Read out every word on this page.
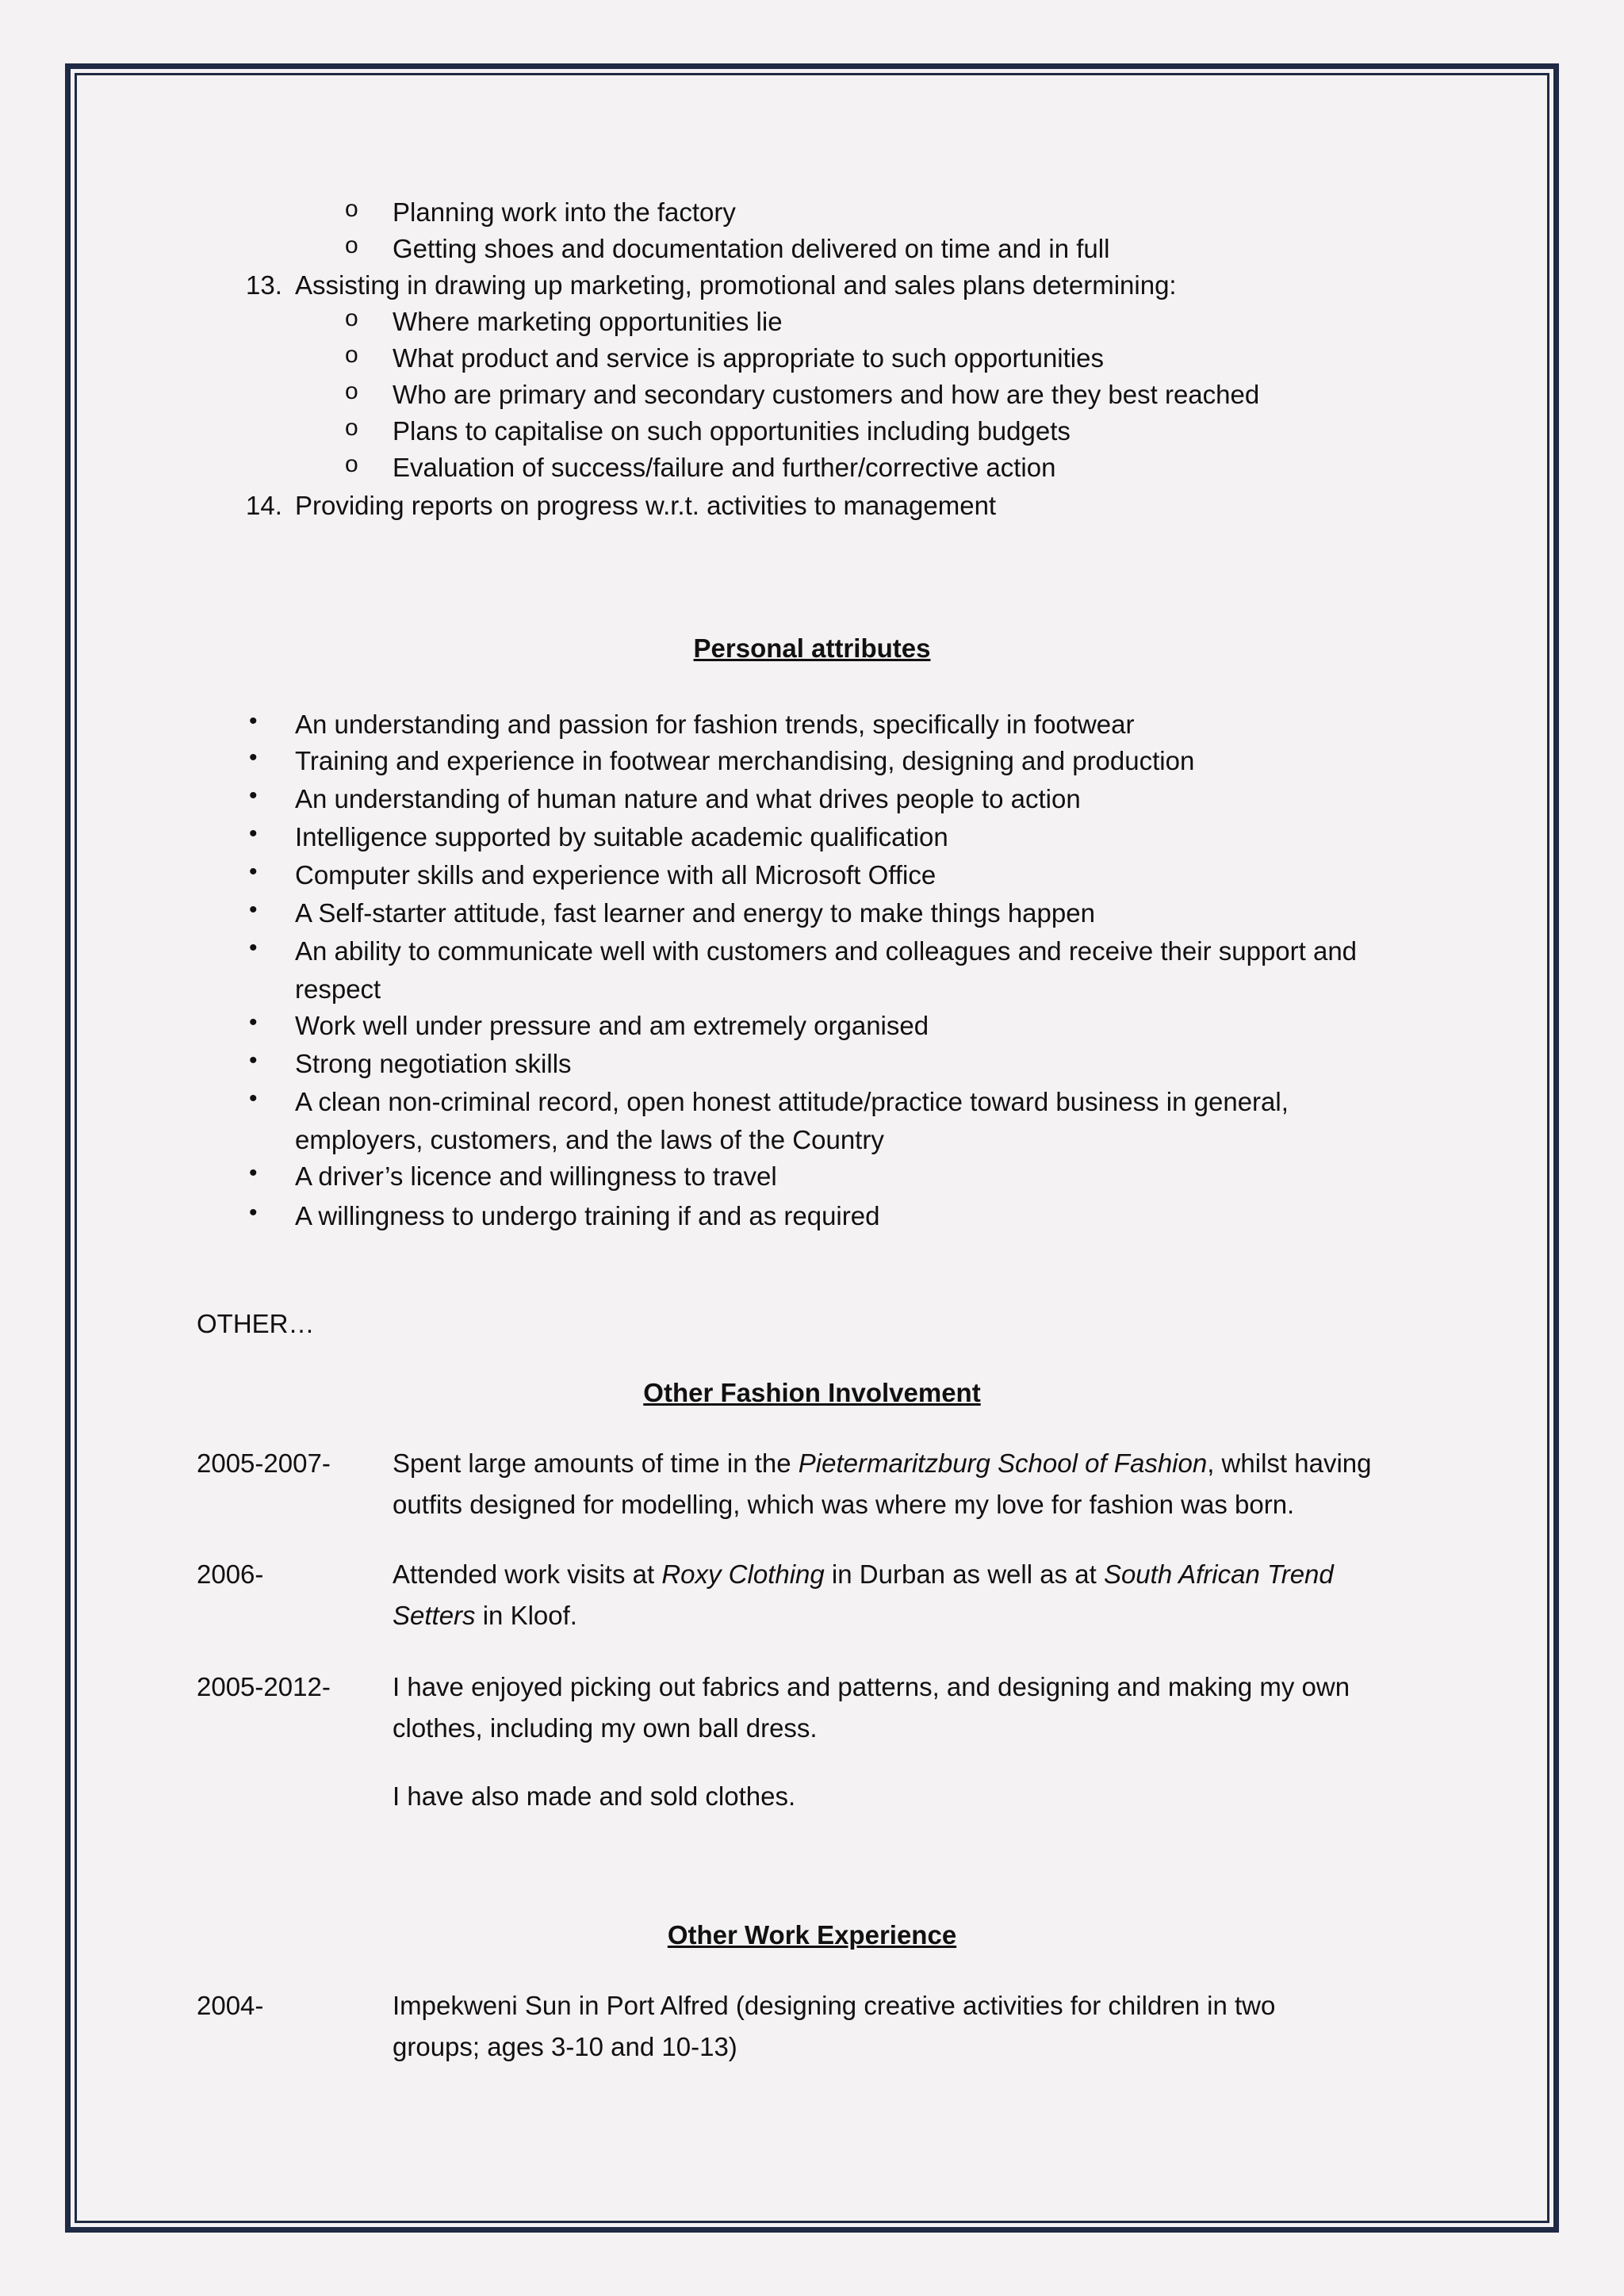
o Planning work into the factory
o Getting shoes and documentation delivered on time and in full
13. Assisting in drawing up marketing, promotional and sales plans determining:
o Where marketing opportunities lie
o What product and service is appropriate to such opportunities
o Who are primary and secondary customers and how are they best reached
o Plans to capitalise on such opportunities including budgets
o Evaluation of success/failure and further/corrective action
14. Providing reports on progress w.r.t. activities to management
Personal attributes
• An understanding and passion for fashion trends, specifically in footwear
• Training and experience in footwear merchandising, designing and production
• An understanding of human nature and what drives people to action
• Intelligence supported by suitable academic qualification
• Computer skills and experience with all Microsoft Office
• A Self-starter attitude, fast learner and energy to make things happen
• An ability to communicate well with customers and colleagues and receive their support and
respect
• Work well under pressure and am extremely organised
• Strong negotiation skills
• A clean non-criminal record, open honest attitude/practice toward business in general,
employers, customers, and the laws of the Country
• A driver’s licence and willingness to travel
• A willingness to undergo training if and as required
OTHER…
Other Fashion Involvement
2005-2007- Spent large amounts of time in the Pietermaritzburg School of Fashion, whilst having
outfits designed for modelling, which was where my love for fashion was born.
2006-	Attended work visits at Roxy Clothing in Durban as well as at South African Trend
Setters in Kloof.
2005-2012- I have enjoyed picking out fabrics and patterns, and designing and making my own
clothes, including my own ball dress.
I have also made and sold clothes.
Other Work Experience
2004-	Impekweni Sun in Port Alfred (designing creative activities for children in two
groups; ages 3-10 and 10-13)
